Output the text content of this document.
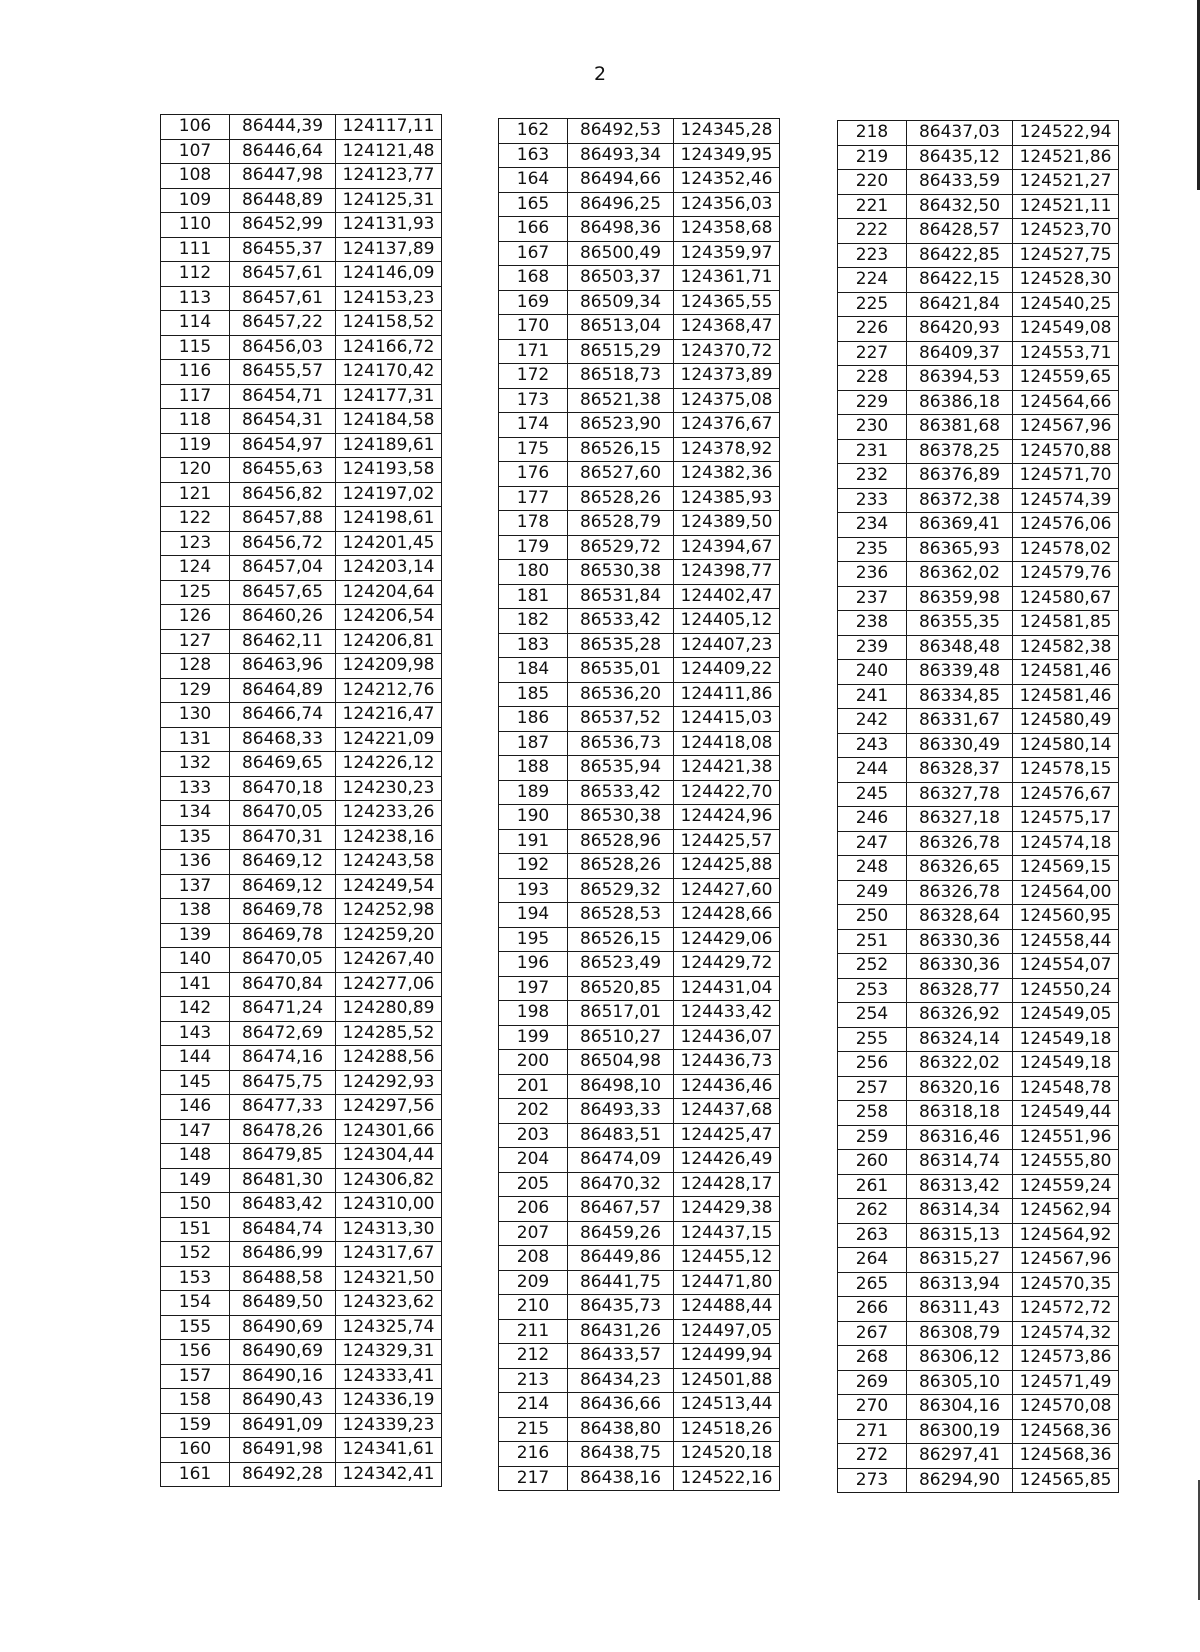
2
106	86444,39	124117,11
107	86446,64	124121,48
108	86447,98	124123,77
109	86448,89	124125,31
110	86452,99	124131,93
111	86455,37	124137,89
112	86457,61	124146,09
113	86457,61	124153,23
114	86457,22	124158,52
115	86456,03	124166,72
116	86455,57	124170,42
117	86454,71	124177,31
118	86454,31	124184,58
119	86454,97	124189,61
120	86455,63	124193,58
121	86456,82	124197,02
122	86457,88	124198,61
123	86456,72	124201,45
124	86457,04	124203,14
125	86457,65	124204,64
126	86460,26	124206,54
127	86462,11	124206,81
128	86463,96	124209,98
129	86464,89	124212,76
130	86466,74	124216,47
131	86468,33	124221,09
132	86469,65	124226,12
133	86470,18	124230,23
134	86470,05	124233,26
135	86470,31	124238,16
136	86469,12	124243,58
137	86469,12	124249,54
138	86469,78	124252,98
139	86469,78	124259,20
140	86470,05	124267,40
141	86470,84	124277,06
142	86471,24	124280,89
143	86472,69	124285,52
144	86474,16	124288,56
145	86475,75	124292,93
146	86477,33	124297,56
147	86478,26	124301,66
148	86479,85	124304,44
149	86481,30	124306,82
150	86483,42	124310,00
151	86484,74	124313,30
152	86486,99	124317,67
153	86488,58	124321,50
154	86489,50	124323,62
155	86490,69	124325,74
156	86490,69	124329,31
157	86490,16	124333,41
158	86490,43	124336,19
159	86491,09	124339,23
160	86491,98	124341,61
161	86492,28	124342,41
162	86492,53	124345,28
163	86493,34	124349,95
164	86494,66	124352,46
165	86496,25	124356,03
166	86498,36	124358,68
167	86500,49	124359,97
168	86503,37	124361,71
169	86509,34	124365,55
170	86513,04	124368,47
171	86515,29	124370,72
172	86518,73	124373,89
173	86521,38	124375,08
174	86523,90	124376,67
175	86526,15	124378,92
176	86527,60	124382,36
177	86528,26	124385,93
178	86528,79	124389,50
179	86529,72	124394,67
180	86530,38	124398,77
181	86531,84	124402,47
182	86533,42	124405,12
183	86535,28	124407,23
184	86535,01	124409,22
185	86536,20	124411,86
186	86537,52	124415,03
187	86536,73	124418,08
188	86535,94	124421,38
189	86533,42	124422,70
190	86530,38	124424,96
191	86528,96	124425,57
192	86528,26	124425,88
193	86529,32	124427,60
194	86528,53	124428,66
195	86526,15	124429,06
196	86523,49	124429,72
197	86520,85	124431,04
198	86517,01	124433,42
199	86510,27	124436,07
200	86504,98	124436,73
201	86498,10	124436,46
202	86493,33	124437,68
203	86483,51	124425,47
204	86474,09	124426,49
205	86470,32	124428,17
206	86467,57	124429,38
207	86459,26	124437,15
208	86449,86	124455,12
209	86441,75	124471,80
210	86435,73	124488,44
211	86431,26	124497,05
212	86433,57	124499,94
213	86434,23	124501,88
214	86436,66	124513,44
215	86438,80	124518,26
216	86438,75	124520,18
217	86438,16	124522,16
218	86437,03	124522,94
219	86435,12	124521,86
220	86433,59	124521,27
221	86432,50	124521,11
222	86428,57	124523,70
223	86422,85	124527,75
224	86422,15	124528,30
225	86421,84	124540,25
226	86420,93	124549,08
227	86409,37	124553,71
228	86394,53	124559,65
229	86386,18	124564,66
230	86381,68	124567,96
231	86378,25	124570,88
232	86376,89	124571,70
233	86372,38	124574,39
234	86369,41	124576,06
235	86365,93	124578,02
236	86362,02	124579,76
237	86359,98	124580,67
238	86355,35	124581,85
239	86348,48	124582,38
240	86339,48	124581,46
241	86334,85	124581,46
242	86331,67	124580,49
243	86330,49	124580,14
244	86328,37	124578,15
245	86327,78	124576,67
246	86327,18	124575,17
247	86326,78	124574,18
248	86326,65	124569,15
249	86326,78	124564,00
250	86328,64	124560,95
251	86330,36	124558,44
252	86330,36	124554,07
253	86328,77	124550,24
254	86326,92	124549,05
255	86324,14	124549,18
256	86322,02	124549,18
257	86320,16	124548,78
258	86318,18	124549,44
259	86316,46	124551,96
260	86314,74	124555,80
261	86313,42	124559,24
262	86314,34	124562,94
263	86315,13	124564,92
264	86315,27	124567,96
265	86313,94	124570,35
266	86311,43	124572,72
267	86308,79	124574,32
268	86306,12	124573,86
269	86305,10	124571,49
270	86304,16	124570,08
271	86300,19	124568,36
272	86297,41	124568,36
273	86294,90	124565,85
